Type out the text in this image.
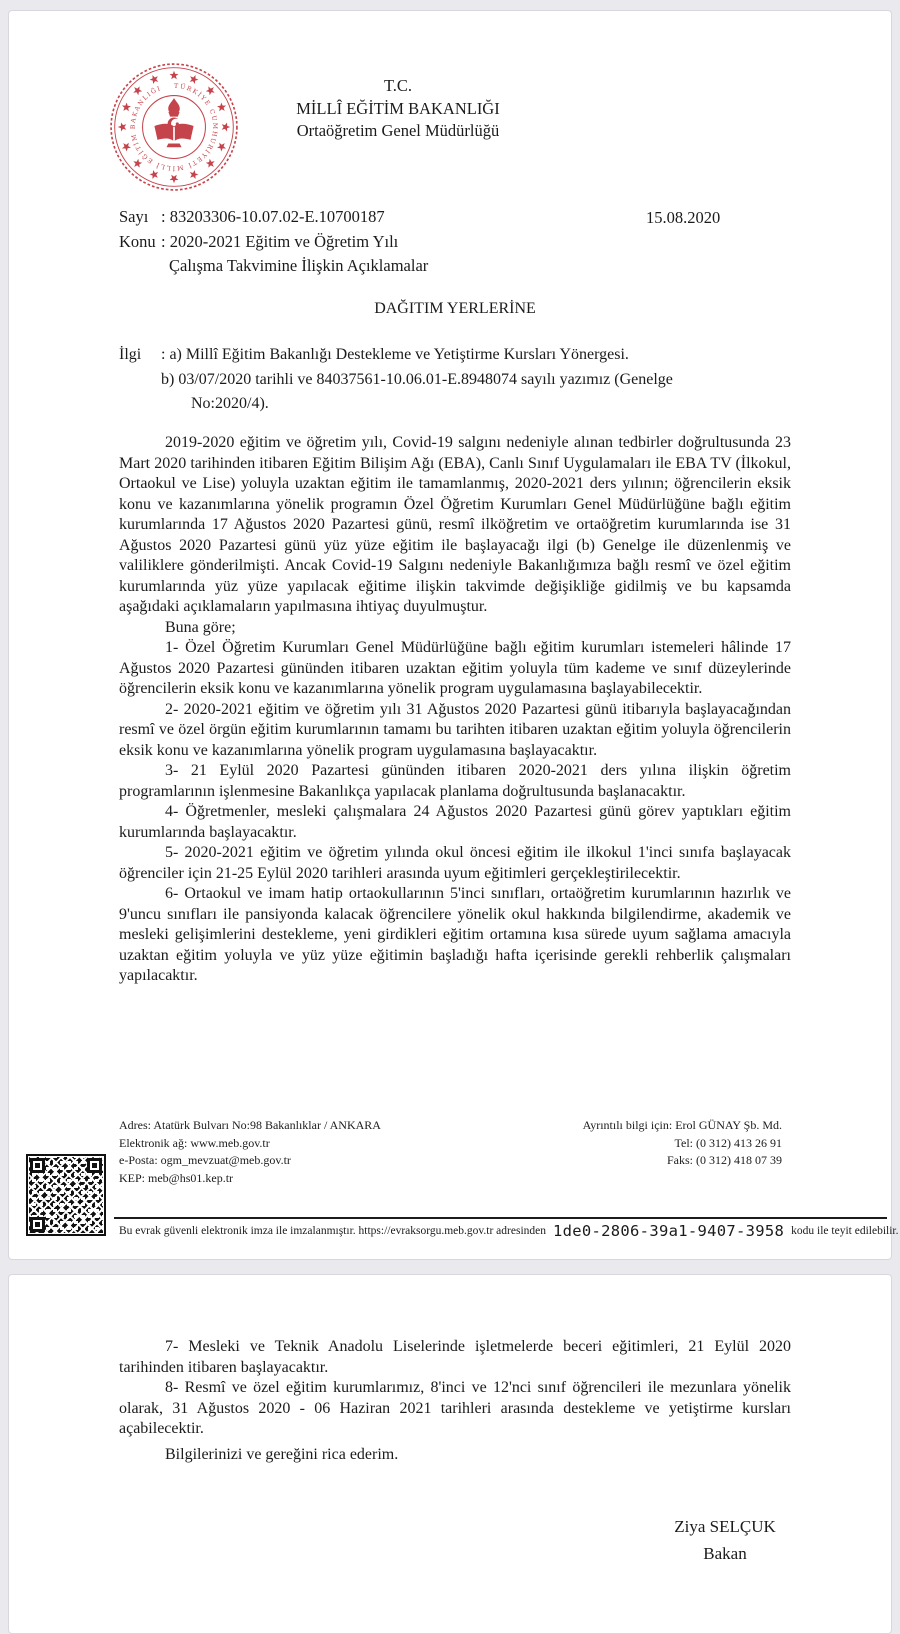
TÜRKİYE CUMHURİYETİ MİLLÎ EĞİTİM BAKANLIĞI	T.C.
MİLLÎ EĞİTİM BAKANLIĞI
Ortaöğretim Genel Müdürlüğü
Sayı : 83203306-10.07.02-E.10700187
Konu : 2020-2021 Eğitim ve Öğretim Yılı
Çalışma Takvimine İlişkin Açıklamalar
15.08.2020
DAĞITIM YERLERİNE
İlgi : a) Millî Eğitim Bakanlığı Destekleme ve Yetiştirme Kursları Yönergesi.
b) 03/07/2020 tarihli ve 84037561-10.06.01-E.8948074 sayılı yazımız (Genelge
No:2020/4).

2019-2020 eğitim ve öğretim yılı, Covid-19 salgını nedeniyle alınan tedbirler doğrultusunda 23 Mart 2020 tarihinden itibaren Eğitim Bilişim Ağı (EBA), Canlı Sınıf Uygulamaları ile EBA TV (İlkokul, Ortaokul ve Lise) yoluyla uzaktan eğitim ile tamamlanmış, 2020-2021 ders yılının; öğrencilerin eksik konu ve kazanımlarına yönelik programın Özel Öğretim Kurumları Genel Müdürlüğüne bağlı eğitim kurumlarında 17 Ağustos 2020 Pazartesi günü, resmî ilköğretim ve ortaöğretim kurumlarında ise 31 Ağustos 2020 Pazartesi günü yüz yüze eğitim ile başlayacağı ilgi (b) Genelge ile düzenlenmiş ve valiliklere gönderilmişti. Ancak Covid-19 Salgını nedeniyle Bakanlığımıza bağlı resmî ve özel eğitim kurumlarında yüz yüze yapılacak eğitime ilişkin takvimde değişikliğe gidilmiş ve bu kapsamda aşağıdaki açıklamaların yapılmasına ihtiyaç duyulmuştur.

Buna göre;

1- Özel Öğretim Kurumları Genel Müdürlüğüne bağlı eğitim kurumları istemeleri hâlinde 17 Ağustos 2020 Pazartesi gününden itibaren uzaktan eğitim yoluyla tüm kademe ve sınıf düzeylerinde öğrencilerin eksik konu ve kazanımlarına yönelik program uygulamasına başlayabilecektir.

2- 2020-2021 eğitim ve öğretim yılı 31 Ağustos 2020 Pazartesi günü itibarıyla başlayacağından resmî ve özel örgün eğitim kurumlarının tamamı bu tarihten itibaren uzaktan eğitim yoluyla öğrencilerin eksik konu ve kazanımlarına yönelik program uygulamasına başlayacaktır.

3- 21 Eylül 2020 Pazartesi gününden itibaren 2020-2021 ders yılına ilişkin öğretim programlarının işlenmesine Bakanlıkça yapılacak planlama doğrultusunda başlanacaktır.

4- Öğretmenler, mesleki çalışmalara 24 Ağustos 2020 Pazartesi günü görev yaptıkları eğitim kurumlarında başlayacaktır.

5- 2020-2021 eğitim ve öğretim yılında okul öncesi eğitim ile ilkokul 1'inci sınıfa başlayacak öğrenciler için 21-25 Eylül 2020 tarihleri arasında uyum eğitimleri gerçekleştirilecektir.

6- Ortaokul ve imam hatip ortaokullarının 5'inci sınıfları, ortaöğretim kurumlarının hazırlık ve 9'uncu sınıfları ile pansiyonda kalacak öğrencilere yönelik okul hakkında bilgilendirme, akademik ve mesleki gelişimlerini destekleme, yeni girdikleri eğitim ortamına kısa sürede uyum sağlama amacıyla uzaktan eğitim yoluyla ve yüz yüze eğitimin başladığı hafta içerisinde gerekli rehberlik çalışmaları yapılacaktır.

Adres: Atatürk Bulvarı No:98 Bakanlıklar / ANKARA
Elektronik ağ: www.meb.gov.tr
e-Posta: ogm_mevzuat@meb.gov.tr
KEP: meb@hs01.kep.tr
Ayrıntılı bilgi için: Erol GÜNAY Şb. Md.
Tel: (0 312) 413 26 91
Faks: (0 312) 418 07 39
Bu evrak güvenli elektronik imza ile imzalanmıştır. https://evraksorgu.meb.gov.tr adresinden 1de0-2806-39a1-9407-3958 kodu ile teyit edilebilir.

7- Mesleki ve Teknik Anadolu Liselerinde işletmelerde beceri eğitimleri, 21 Eylül 2020 tarihinden itibaren başlayacaktır.

8- Resmî ve özel eğitim kurumlarımız, 8'inci ve 12'nci sınıf öğrencileri ile mezunlara yönelik olarak, 31 Ağustos 2020 - 06 Haziran 2021 tarihleri arasında destekleme ve yetiştirme kursları açabilecektir.

Bilgilerinizi ve gereğini rica ederim.

Ziya SELÇUK
Bakan
